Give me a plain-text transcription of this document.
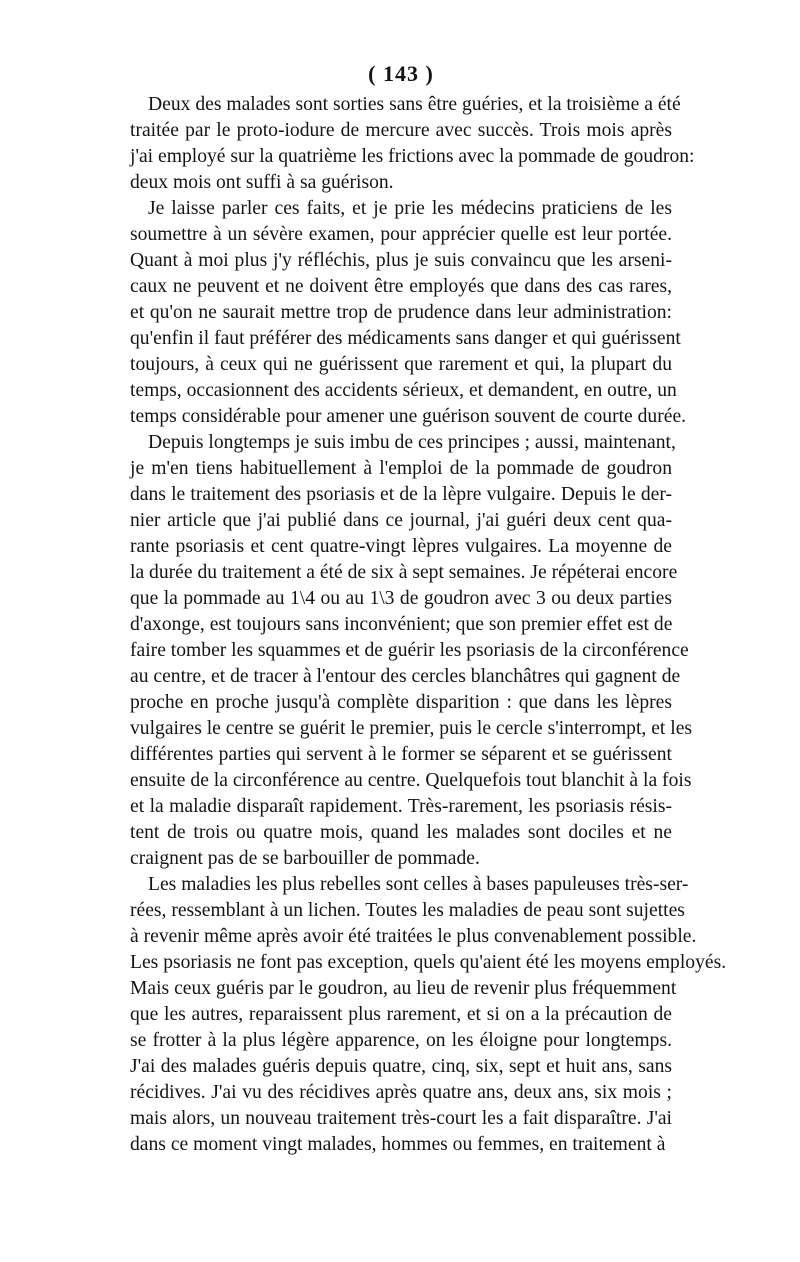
( 143 )
Deux des malades sont sorties sans être guéries, et la troisième a été
traitée par le proto-iodure de mercure avec succès. Trois mois après
j'ai employé sur la quatrième les frictions avec la pommade de goudron:
deux mois ont suffi à sa guérison.
Je laisse parler ces faits, et je prie les médecins praticiens de les
soumettre à un sévère examen, pour apprécier quelle est leur portée.
Quant à moi plus j'y réfléchis, plus je suis convaincu que les arseni-
caux ne peuvent et ne doivent être employés que dans des cas rares,
et qu'on ne saurait mettre trop de prudence dans leur administration:
qu'enfin il faut préférer des médicaments sans danger et qui guérissent
toujours, à ceux qui ne guérissent que rarement et qui, la plupart du
temps, occasionnent des accidents sérieux, et demandent, en outre, un
temps considérable pour amener une guérison souvent de courte durée.
Depuis longtemps je suis imbu de ces principes ; aussi, maintenant,
je m'en tiens habituellement à l'emploi de la pommade de goudron
dans le traitement des psoriasis et de la lèpre vulgaire. Depuis le der-
nier article que j'ai publié dans ce journal, j'ai guéri deux cent qua-
rante psoriasis et cent quatre-vingt lèpres vulgaires. La moyenne de
la durée du traitement a été de six à sept semaines. Je répéterai encore
que la pommade au 1\4 ou au 1\3 de goudron avec 3 ou deux parties
d'axonge, est toujours sans inconvénient; que son premier effet est de
faire tomber les squammes et de guérir les psoriasis de la circonférence
au centre, et de tracer à l'entour des cercles blanchâtres qui gagnent de
proche en proche jusqu'à complète disparition : que dans les lèpres
vulgaires le centre se guérit le premier, puis le cercle s'interrompt, et les
différentes parties qui servent à le former se séparent et se guérissent
ensuite de la circonférence au centre. Quelquefois tout blanchit à la fois
et la maladie disparaît rapidement. Très-rarement, les psoriasis résis-
tent de trois ou quatre mois, quand les malades sont dociles et ne
craignent pas de se barbouiller de pommade.
Les maladies les plus rebelles sont celles à bases papuleuses très-ser-
rées, ressemblant à un lichen. Toutes les maladies de peau sont sujettes
à revenir même après avoir été traitées le plus convenablement possible.
Les psoriasis ne font pas exception, quels qu'aient été les moyens employés.
Mais ceux guéris par le goudron, au lieu de revenir plus fréquemment
que les autres, reparaissent plus rarement, et si on a la précaution de
se frotter à la plus légère apparence, on les éloigne pour longtemps.
J'ai des malades guéris depuis quatre, cinq, six, sept et huit ans, sans
récidives. J'ai vu des récidives après quatre ans, deux ans, six mois ;
mais alors, un nouveau traitement très-court les a fait disparaître. J'ai
dans ce moment vingt malades, hommes ou femmes, en traitement à
